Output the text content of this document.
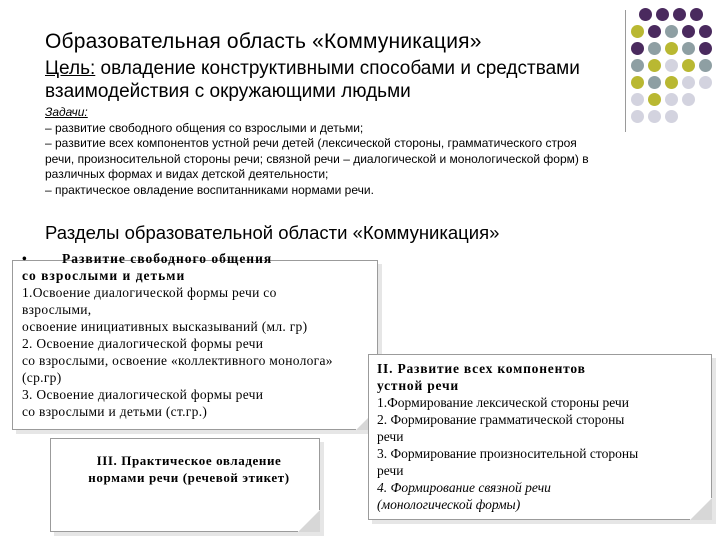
Образовательная область «Коммуникация»
Цель: овладение конструктивными способами и средствами взаимодействия с окружающими людьми
Задачи:
– развитие свободного общения со взрослыми и детьми;
– развитие всех компонентов устной речи детей (лексической стороны, грамматического строя речи, произносительной стороны речи; связной речи – диалогической и монологической форм) в различных формах и видах детской деятельности;
– практическое овладение воспитанниками нормами речи.
Разделы образовательной области «Коммуникация»
•	Развитие свободного общения
со взрослыми и детьми
1.Освоение диалогической формы речи со
взрослыми,
освоение инициативных высказываний (мл. гр)
2. Освоение диалогической формы речи
со взрослыми, освоение «коллективного монолога»
(ср.гр)
3. Освоение диалогической формы речи
со взрослыми и детьми (ст.гр.)
II. Развитие всех компонентов
устной речи
1.Формирование лексической стороны речи
2. Формирование грамматической стороны
речи
3. Формирование произносительной стороны
речи
4. Формирование связной речи
(монологической формы)
III. Практическое овладение
нормами речи (речевой этикет)
